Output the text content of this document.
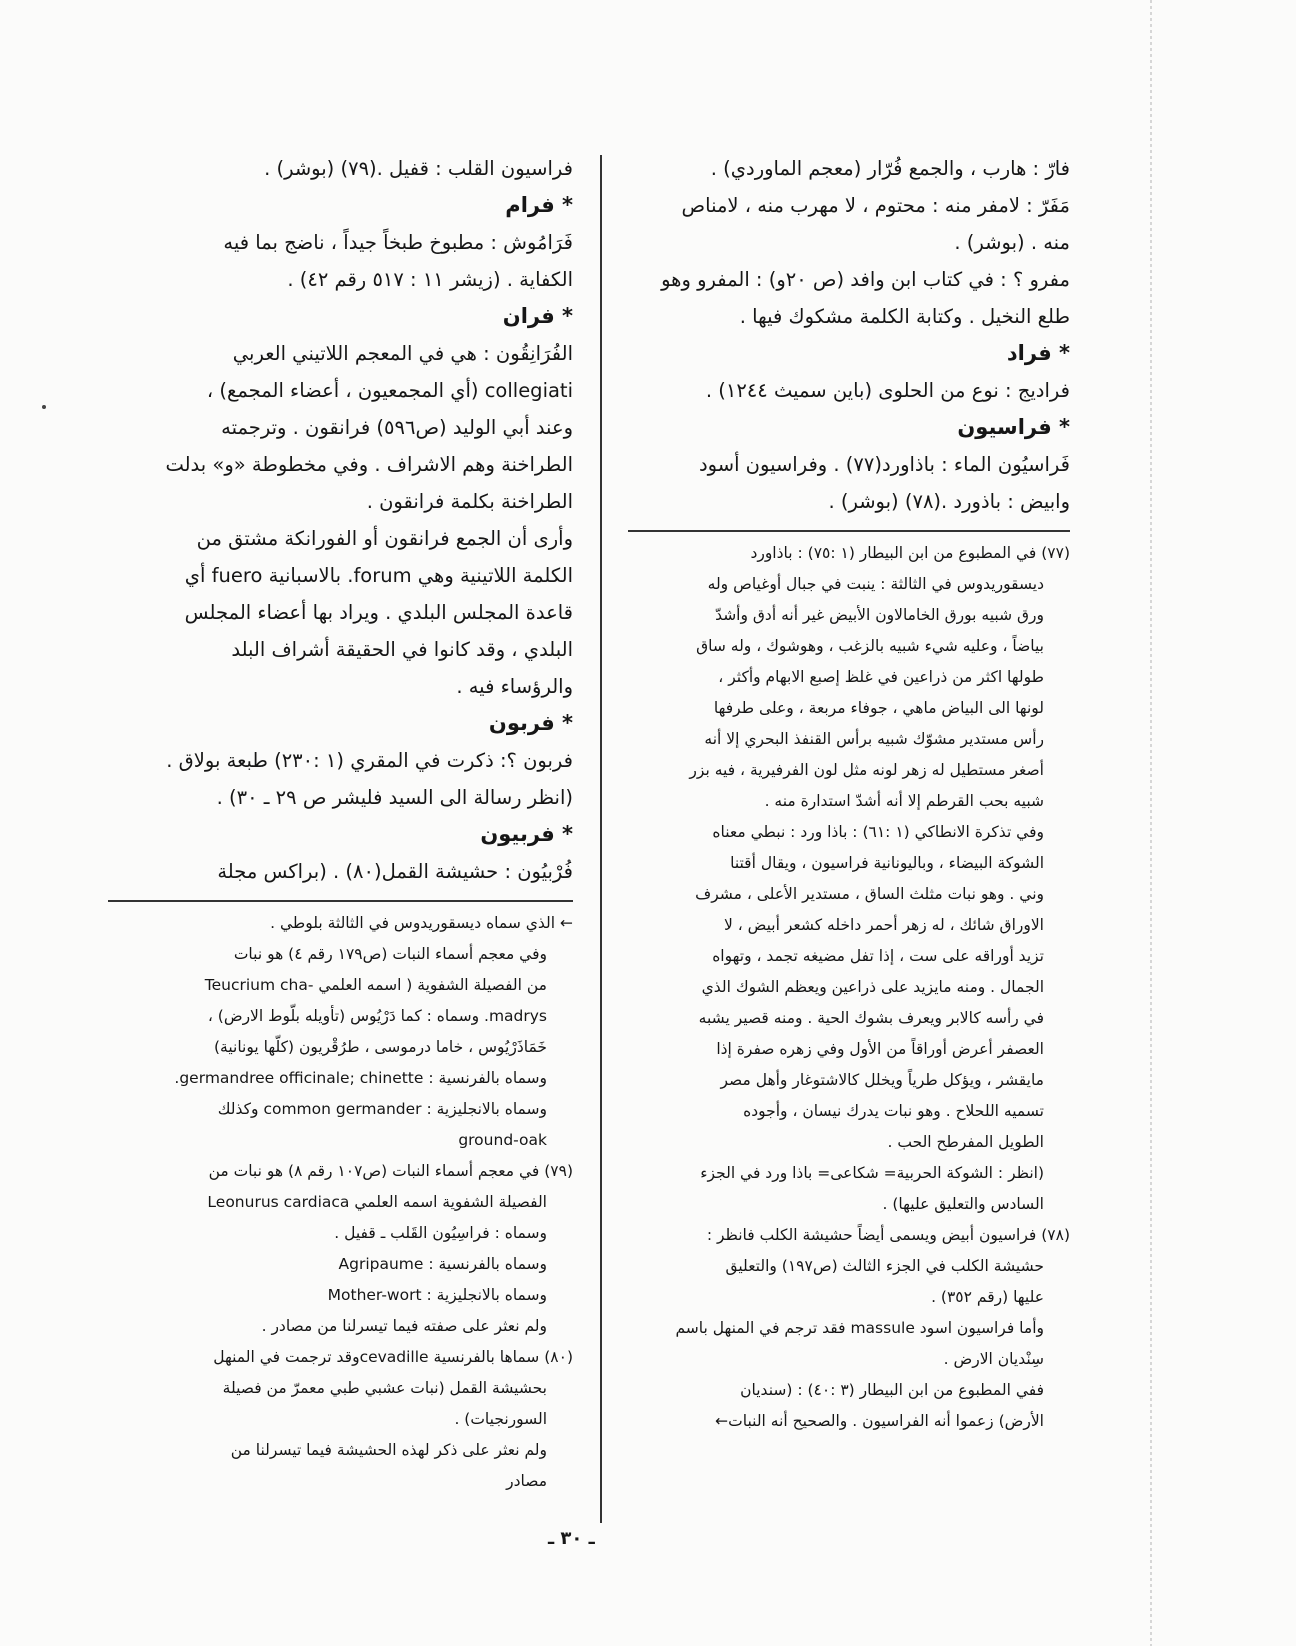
فارّ : هارب ، والجمع فُرّار (معجم الماوردي) .

مَفَرّ : لامفر منه : محتوم ، لا مهرب منه ، لامناص

منه . (بوشر) .

مفرو ؟ : في كتاب ابن وافد (ص ٢٠و) : المفرو وهو

طلع النخيل . وكتابة الكلمة مشكوك فيها .

* فراد

فراديج : نوع من الحلوى (باين سميث ١٢٤٤) .

* فراسيون

فَراسيُون الماء : باذاورد(٧٧) . وفراسيون أسود

وابيض : باذورد .(٧٨) (بوشر) .

(٧٧) في المطبوع من ابن البيطار (١ :٧٥) : باذاورد

ديسقوريدوس في الثالثة : ينبت في جبال أوغياص وله

ورق شبيه بورق الخامالاون الأبيض غير أنه أدق وأشدّ

بياضاً ، وعليه شيء شبيه بالزغب ، وهوشوك ، وله ساق

طولها اكثر من ذراعين في غلظ إصبع الابهام وأكثر ،

لونها الى البياض ماهي ، جوفاء مربعة ، وعلى طرفها

رأس مستدير مشوّك شبيه برأس القنفذ البحري إلا أنه

أصغر مستطيل له زهر لونه مثل لون الفرفيرية ، فيه بزر

شبيه بحب القرطم إلا أنه أشدّ استدارة منه .

وفي تذكرة الانطاكي (١ :٦١) : باذا ورد : نبطي معناه

الشوكة البيضاء ، وباليونانية فراسيون ، ويقال أقتنا

وني . وهو نبات مثلث الساق ، مستدير الأعلى ، مشرف

الاوراق شائك ، له زهر أحمر داخله كشعر أبيض ، لا

تزيد أوراقه على ست ، إذا تفل مضيغه تجمد ، وتهواه

الجمال . ومنه مايزيد على ذراعين ويعظم الشوك الذي

في رأسه كالابر ويعرف بشوك الحية . ومنه قصير يشبه

العصفر أعرض أوراقاً من الأول وفي زهره صفرة إذا

مايقشر ، ويؤكل طرياً ويخلل كالاشتوغار وأهل مصر

تسميه اللحلاح . وهو نبات يدرك نيسان ، وأجوده

الطويل المفرطح الحب .

(انظر : الشوكة الحربية= شكاعى= باذا ورد في الجزء

السادس والتعليق عليها) .

(٧٨) فراسيون أبيض ويسمى أيضاً حشيشة الكلب فانظر :

حشيشة الكلب في الجزء الثالث (ص١٩٧) والتعليق

عليها (رقم ٣٥٢) .

وأما فراسيون اسود massule فقد ترجم في المنهل باسم

سِنْديان الارض .

ففي المطبوع من ابن البيطار (٣ :٤٠) : (سنديان

الأرض) زعموا أنه الفراسيون . والصحيح أنه النبات←

فراسيون القلب : قفيل .(٧٩) (بوشر) .

* فرام

فَرَامُوش : مطبوخ طبخاً جيداً ، ناضج بما فيه

الكفاية . (زيشر ١١ : ٥١٧ رقم ٤٢) .

* فران

الفُرَانِقُون : هي في المعجم اللاتيني العربي

collegiati (أي المجمعيون ، أعضاء المجمع) ،

وعند أبي الوليد (ص٥٩٦) فرانقون . وترجمته

الطراخنة وهم الاشراف . وفي مخطوطة «و» بدلت

الطراخنة بكلمة فرانقون .

وأرى أن الجمع فرانقون أو الفورانكة مشتق من

الكلمة اللاتينية وهي forum. بالاسبانية fuero أي

قاعدة المجلس البلدي . ويراد بها أعضاء المجلس

البلدي ، وقد كانوا في الحقيقة أشراف البلد

والرؤساء فيه .

* فربون

فربون ؟: ذكرت في المقري (١ :٢٣٠) طبعة بولاق .

(انظر رسالة الى السيد فليشر ص ٢٩ ـ ٣٠) .

* فربيون

فُرْبيُون : حشيشة القمل(٨٠) . (براكس مجلة

← الذي سماه ديسقوريدوس في الثالثة بلوطي .

وفي معجم أسماء النبات (ص١٧٩ رقم ٤) هو نبات

من الفصيلة الشفوية ( اسمه العلمي -Teucrium cha

madrys. وسماه : كما دَرْيُوس (تأويله بلّوط الارض) ،

خَمَاذَرْيُوس ، خاما درموسى ، طرُقْريون (كلّها يونانية)

وسماه بالفرنسية : germandree officinale; chinette.

وسماه بالانجليزية : common germander وكذلك

ground-oak

(٧٩) في معجم أسماء النبات (ص١٠٧ رقم ٨) هو نبات من

الفصيلة الشفوية اسمه العلمي Leonurus cardiaca

وسماه : فراسِيُون القَلب ـ قفيل .

وسماه بالفرنسية : Agripaume

وسماه بالانجليزية : Mother-wort

ولم نعثر على صفته فيما تيسرلنا من مصادر .

(٨٠) سماها بالفرنسية cevadilleوقد ترجمت في المنهل

بحشيشة القمل (نبات عشبي طبي معمرّ من فصيلة

السورنجيات) .

ولم نعثر على ذكر لهذه الحشيشة فيما تيسرلنا من

مصادر

ـ ٣٠ ـ
